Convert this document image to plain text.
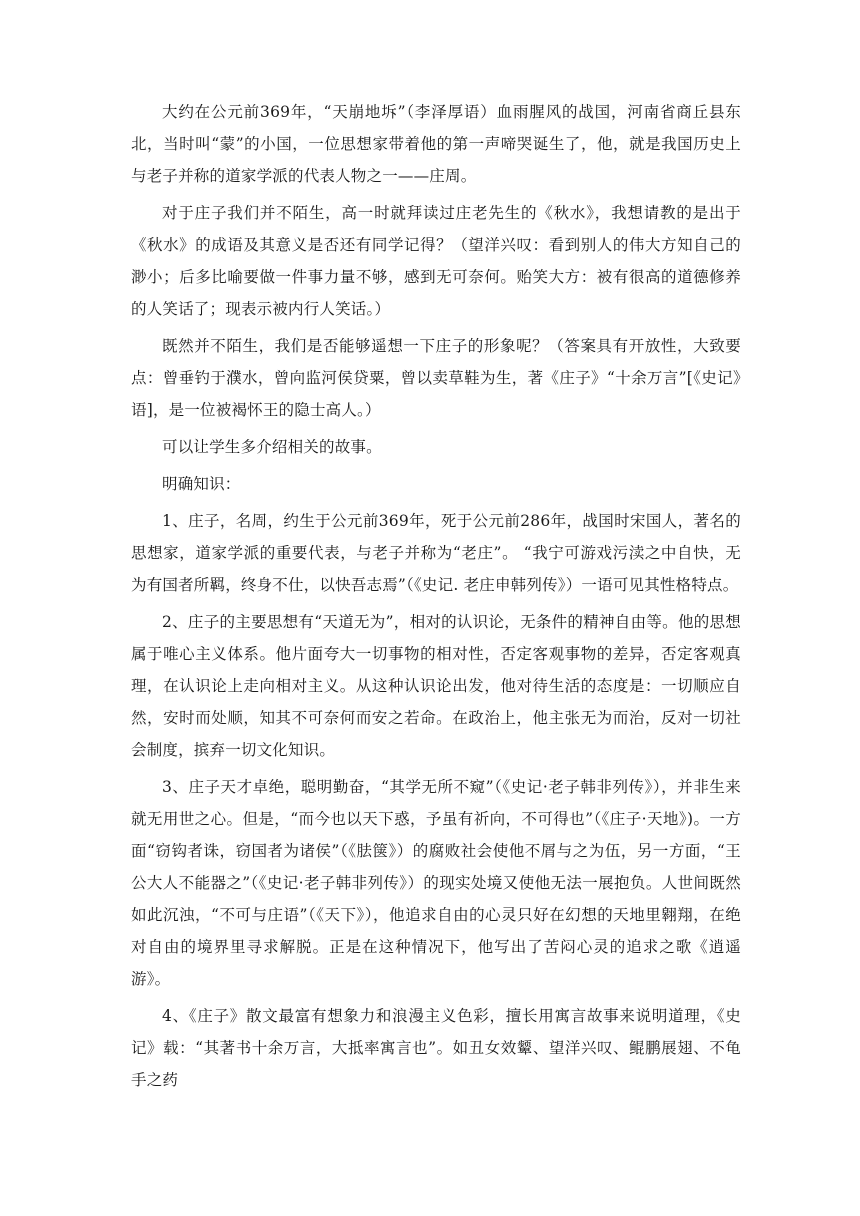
大约在公元前369年，“天崩地坼”（李泽厚语）血雨腥风的战国，河南省商丘县东北，当时叫“蒙”的小国，一位思想家带着他的第一声啼哭诞生了，他，就是我国历史上与老子并称的道家学派的代表人物之一——庄周。

对于庄子我们并不陌生，高一时就拜读过庄老先生的《秋水》，我想请教的是出于《秋水》的成语及其意义是否还有同学记得？（望洋兴叹：看到别人的伟大方知自己的渺小；后多比喻要做一件事力量不够，感到无可奈何。贻笑大方：被有很高的道德修养的人笑话了；现表示被内行人笑话。）

既然并不陌生，我们是否能够遥想一下庄子的形象呢？（答案具有开放性，大致要点：曾垂钓于濮水，曾向监河侯贷粟，曾以卖草鞋为生，著《庄子》“十余万言”[《史记》语]，是一位被褐怀王的隐士高人。）

可以让学生多介绍相关的故事。

明确知识：

1、庄子，名周，约生于公元前369年，死于公元前286年，战国时宋国人，著名的思想家，道家学派的重要代表，与老子并称为“老庄”。 “我宁可游戏污渎之中自快，无为有国者所羁，终身不仕，以快吾志焉”（《史记. 老庄申韩列传》）一语可见其性格特点。

2、庄子的主要思想有“天道无为”，相对的认识论，无条件的精神自由等。他的思想属于唯心主义体系。他片面夸大一切事物的相对性，否定客观事物的差异，否定客观真理，在认识论上走向相对主义。从这种认识论出发，他对待生活的态度是：一切顺应自然，安时而处顺，知其不可奈何而安之若命。在政治上，他主张无为而治，反对一切社会制度，摈弃一切文化知识。

3、庄子天才卓绝，聪明勤奋，“其学无所不窥”（《史记·老子韩非列传》），并非生来就无用世之心。但是，“而今也以天下惑，予虽有祈向，不可得也”（《庄子·天地》)。一方面“窃钩者诛，窃国者为诸侯”（《胠箧》）的腐败社会使他不屑与之为伍，另一方面，“王公大人不能器之”（《史记·老子韩非列传》）的现实处境又使他无法一展抱负。人世间既然如此沉浊，“不可与庄语”（《天下》），他追求自由的心灵只好在幻想的天地里翱翔，在绝对自由的境界里寻求解脱。正是在这种情况下，他写出了苦闷心灵的追求之歌《逍遥游》。

4、《庄子》散文最富有想象力和浪漫主义色彩，擅长用寓言故事来说明道理，《史记》载：“其著书十余万言，大抵率寓言也”。如丑女效颦、望洋兴叹、鲲鹏展翅、不龟手之药
